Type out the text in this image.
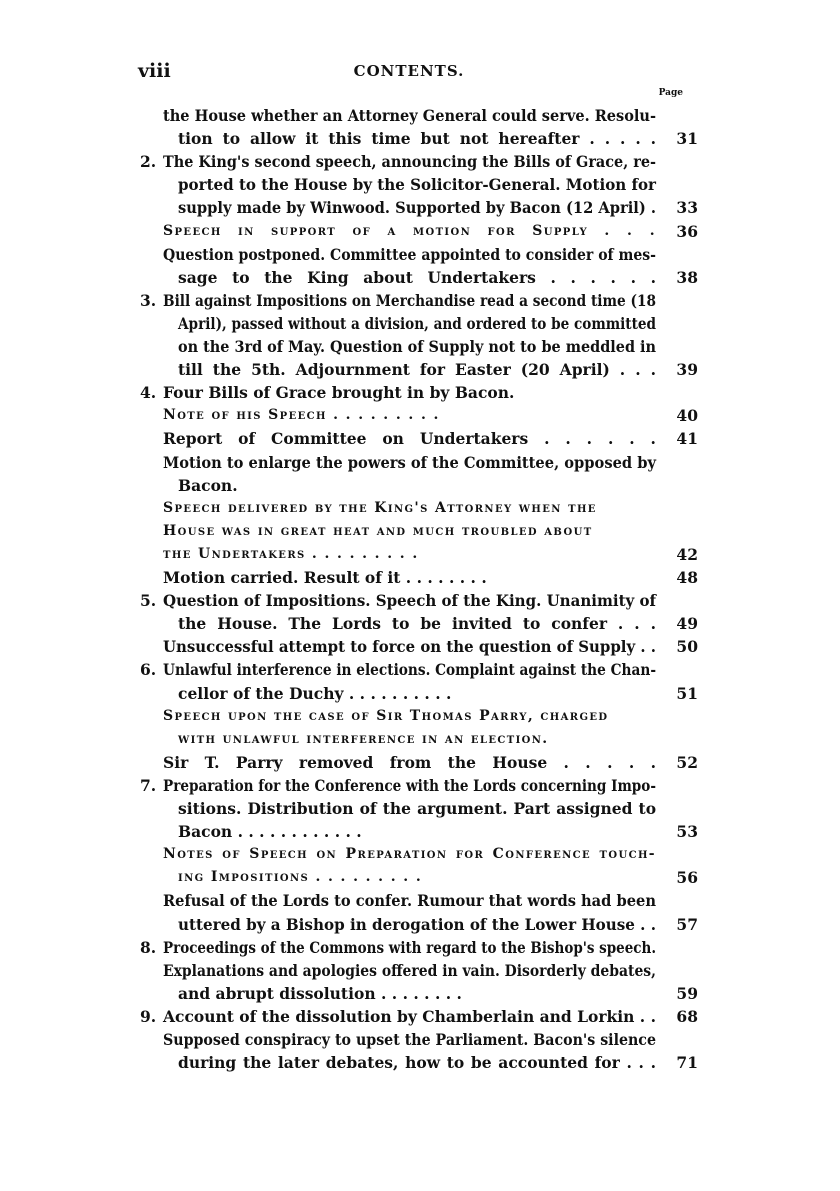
viii	CONTENTS.
Page
the House whether an Attorney General could serve. Resolu-
tion to allow it this time but not hereafter . . . . .	31
2. The King's second speech, announcing the Bills of Grace, re-
ported to the House by the Solicitor-General. Motion for
supply made by Winwood. Supported by Bacon (12 April) .	33
Speech in support of a motion for Supply . . .	36
Question postponed. Committee appointed to consider of mes-
sage to the King about Undertakers . . . . . .	38
3. Bill against Impositions on Merchandise read a second time (18
April), passed without a division, and ordered to be committed
on the 3rd of May. Question of Supply not to be meddled in
till the 5th. Adjournment for Easter (20 April) . . .	39
4. Four Bills of Grace brought in by Bacon.
Note of his Speech . . . . . . . . .	40
Report of Committee on Undertakers . . . . . .	41
Motion to enlarge the powers of the Committee, opposed by
Bacon.
Speech delivered by the King's Attorney when the
House was in great heat and much troubled about
the Undertakers . . . . . . . . .	42
Motion carried. Result of it . . . . . . . .	48
5. Question of Impositions. Speech of the King. Unanimity of
the House. The Lords to be invited to confer . . .	49
Unsuccessful attempt to force on the question of Supply . .	50
6. Unlawful interference in elections. Complaint against the Chan-
cellor of the Duchy . . . . . . . . . .	51
Speech upon the case of Sir Thomas Parry, charged
with unlawful interference in an election.
Sir T. Parry removed from the House . . . . .	52
7. Preparation for the Conference with the Lords concerning Impo-
sitions. Distribution of the argument. Part assigned to
Bacon . . . . . . . . . . . .	53
Notes of Speech on Preparation for Conference touch-
ing Impositions . . . . . . . . .	56
Refusal of the Lords to confer. Rumour that words had been
uttered by a Bishop in derogation of the Lower House . .	57
8. Proceedings of the Commons with regard to the Bishop's speech.
Explanations and apologies offered in vain. Disorderly debates,
and abrupt dissolution . . . . . . . .	59
9. Account of the dissolution by Chamberlain and Lorkin . .	68
Supposed conspiracy to upset the Parliament. Bacon's silence
during the later debates, how to be accounted for . . .	71
